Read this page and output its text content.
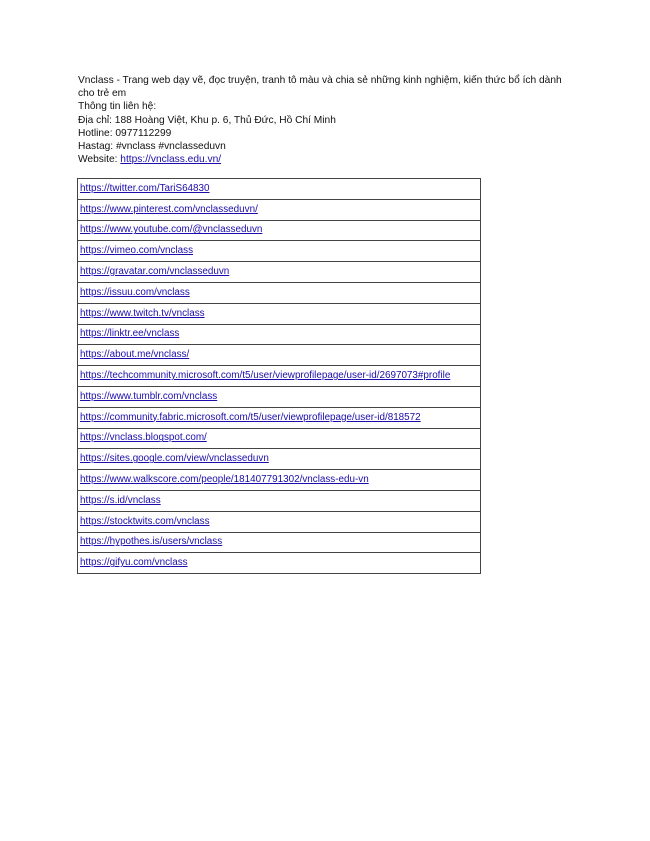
Vnclass - Trang web dạy vẽ, đọc truyện, tranh tô màu và chia sẻ những kinh nghiệm, kiến thức bổ ích dành cho trẻ em

Thông tin liên hệ:

Địa chỉ: 188 Hoàng Việt, Khu p. 6, Thủ Đức, Hồ Chí Minh

Hotline: 0977112299

Hastag: #vnclass #vnclasseduvn

Website: https://vnclass.edu.vn/

https://twitter.com/TariS64830
https://www.pinterest.com/vnclasseduvn/
https://www.youtube.com/@vnclasseduvn
https://vimeo.com/vnclass
https://gravatar.com/vnclasseduvn
https://issuu.com/vnclass
https://www.twitch.tv/vnclass
https://linktr.ee/vnclass
https://about.me/vnclass/
https://techcommunity.microsoft.com/t5/user/viewprofilepage/user-id/2697073#profile
https://www.tumblr.com/vnclass
https://community.fabric.microsoft.com/t5/user/viewprofilepage/user-id/818572
https://vnclass.blogspot.com/
https://sites.google.com/view/vnclasseduvn
https://www.walkscore.com/people/181407791302/vnclass-edu-vn
https://s.id/vnclass
https://stocktwits.com/vnclass
https://hypothes.is/users/vnclass
https://gifyu.com/vnclass
